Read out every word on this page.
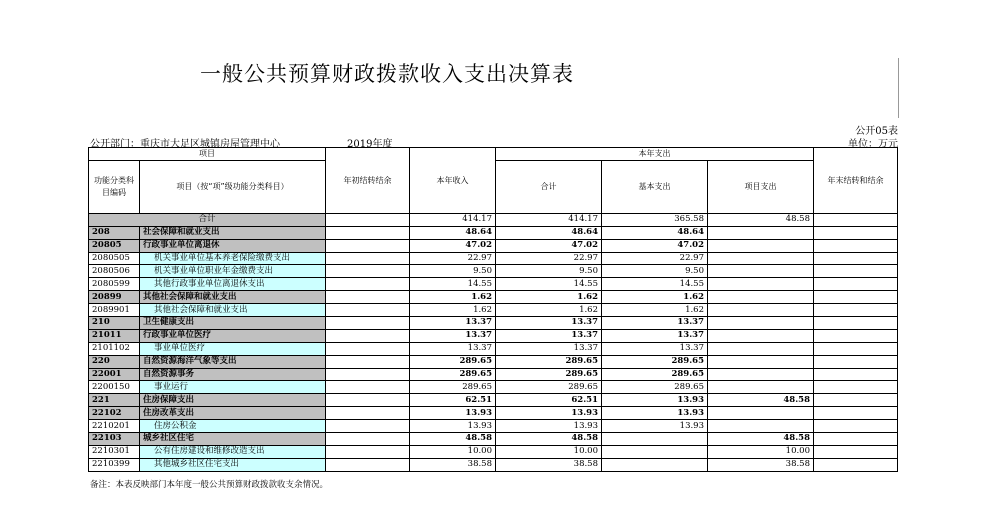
一般公共预算财政拨款收入支出决算表
公开部门：重庆市大足区城镇房屋管理中心	2019年度
公开05表
单位：万元
项目		年初结转结余	本年收入	本年支出			年末结转和结余
功能分类科目编码	项目（按“项”级功能分类科目）			合计	基本支出	项目支出	

合计			414.17	414.17	365.58	48.58	
208	社会保障和就业支出		48.64	48.64	48.64		
20805	行政事业单位离退休		47.02	47.02	47.02		
2080505	机关事业单位基本养老保险缴费支出		22.97	22.97	22.97		
2080506	机关事业单位职业年金缴费支出		9.50	9.50	9.50		
2080599	其他行政事业单位离退休支出		14.55	14.55	14.55		
20899	其他社会保障和就业支出		1.62	1.62	1.62		
2089901	其他社会保障和就业支出		1.62	1.62	1.62		
210	卫生健康支出		13.37	13.37	13.37		
21011	行政事业单位医疗		13.37	13.37	13.37		
2101102	事业单位医疗		13.37	13.37	13.37		
220	自然资源海洋气象等支出		289.65	289.65	289.65		
22001	自然资源事务		289.65	289.65	289.65		
2200150	事业运行		289.65	289.65	289.65		
221	住房保障支出		62.51	62.51	13.93	48.58	
22102	住房改革支出		13.93	13.93	13.93		
2210201	住房公积金		13.93	13.93	13.93		
22103	城乡社区住宅		48.58	48.58		48.58	
2210301	公有住房建设和维修改造支出		10.00	10.00		10.00	
2210399	其他城乡社区住宅支出		38.58	38.58		38.58	
备注：本表反映部门本年度一般公共预算财政拨款收支余情况。
